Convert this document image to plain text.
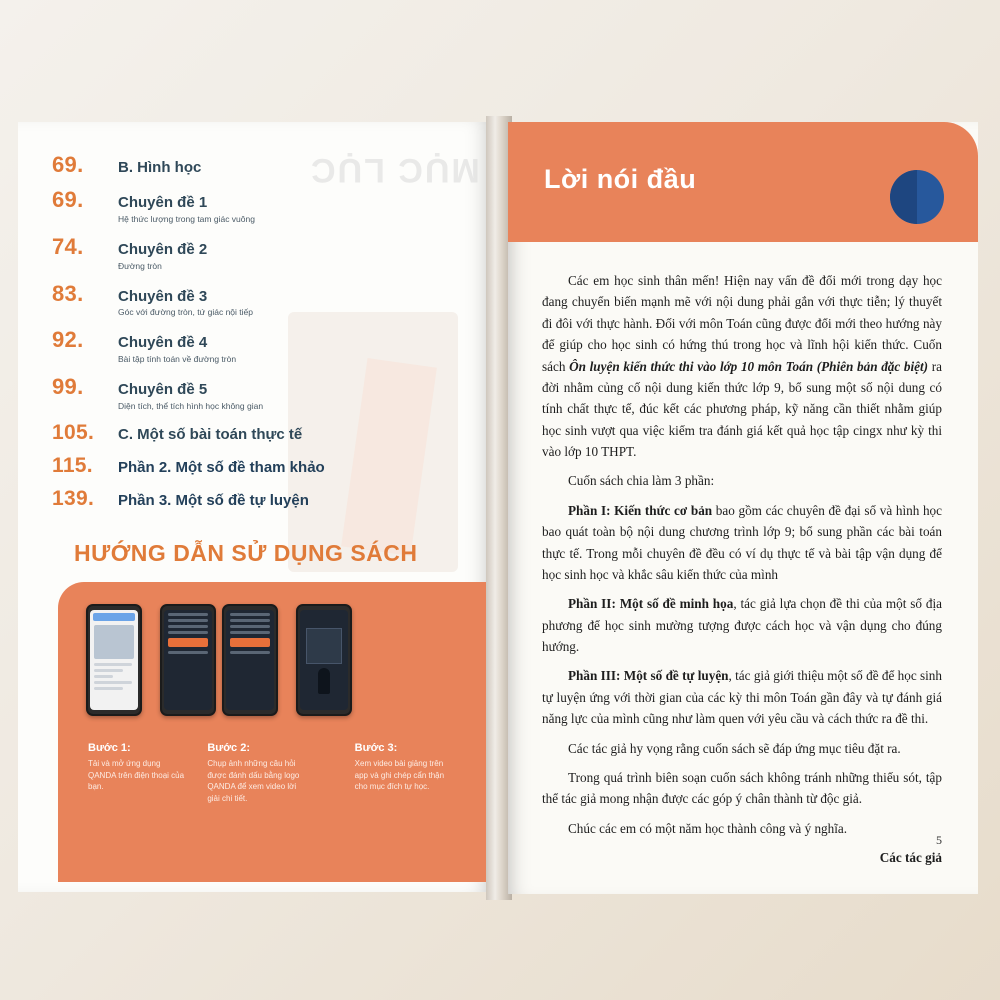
MỤC LỤC
69.	B. Hình học
69.	Chuyên đề 1
Hệ thức lượng trong tam giác vuông
74.	Chuyên đề 2
Đường tròn
83.	Chuyên đề 3
Góc với đường tròn, tứ giác nội tiếp
92.	Chuyên đề 4
Bài tập tính toán về đường tròn
99.	Chuyên đề 5
Diện tích, thể tích hình học không gian
105.	C. Một số bài toán thực tế
115.	Phần 2. Một số đề tham khảo
139.	Phần 3. Một số đề tự luyện
HƯỚNG DẪN SỬ DỤNG SÁCH
Bước 1:
Tải và mở ứng dụng QANDA trên điện thoại của bạn.
Bước 2:
Chụp ảnh những câu hỏi được đánh dấu bằng logo QANDA để xem video lời giải chi tiết.
Bước 3:
Xem video bài giảng trên app và ghi chép cẩn thận cho mục đích tự học.
Lời nói đầu

Các em học sinh thân mến! Hiện nay vấn đề đổi mới trong dạy học đang chuyển biến mạnh mẽ với nội dung phải gắn với thực tiễn; lý thuyết đi đôi với thực hành. Đối với môn Toán cũng được đổi mới theo hướng này để giúp cho học sinh có hứng thú trong học và lĩnh hội kiến thức. Cuốn sách Ôn luyện kiến thức thi vào lớp 10 môn Toán (Phiên bản đặc biệt) ra đời nhằm củng cố nội dung kiến thức lớp 9, bổ sung một số nội dung có tính chất thực tế, đúc kết các phương pháp, kỹ năng cần thiết nhằm giúp học sinh vượt qua việc kiểm tra đánh giá kết quả học tập cingx như kỳ thi vào lớp 10 THPT.

Cuốn sách chia làm 3 phần:

Phần I: Kiến thức cơ bản bao gồm các chuyên đề đại số và hình học bao quát toàn bộ nội dung chương trình lớp 9; bổ sung phần các bài toán thực tế. Trong mỗi chuyên đề đều có ví dụ thực tế và bài tập vận dụng để học sinh học và khắc sâu kiến thức của mình

Phần II: Một số đề minh họa, tác giả lựa chọn đề thi của một số địa phương để học sinh mường tượng được cách học và vận dụng cho đúng hướng.

Phần III: Một số đề tự luyện, tác giả giới thiệu một số đề để học sinh tự luyện ứng với thời gian của các kỳ thi môn Toán gần đây và tự đánh giá năng lực của mình cũng như làm quen với yêu cầu và cách thức ra đề thi.

Các tác giả hy vọng rằng cuốn sách sẽ đáp ứng mục tiêu đặt ra.

Trong quá trình biên soạn cuốn sách không tránh những thiếu sót, tập thể tác giả mong nhận được các góp ý chân thành từ độc giả.

Chúc các em có một năm học thành công và ý nghĩa.

Các tác giả

5
